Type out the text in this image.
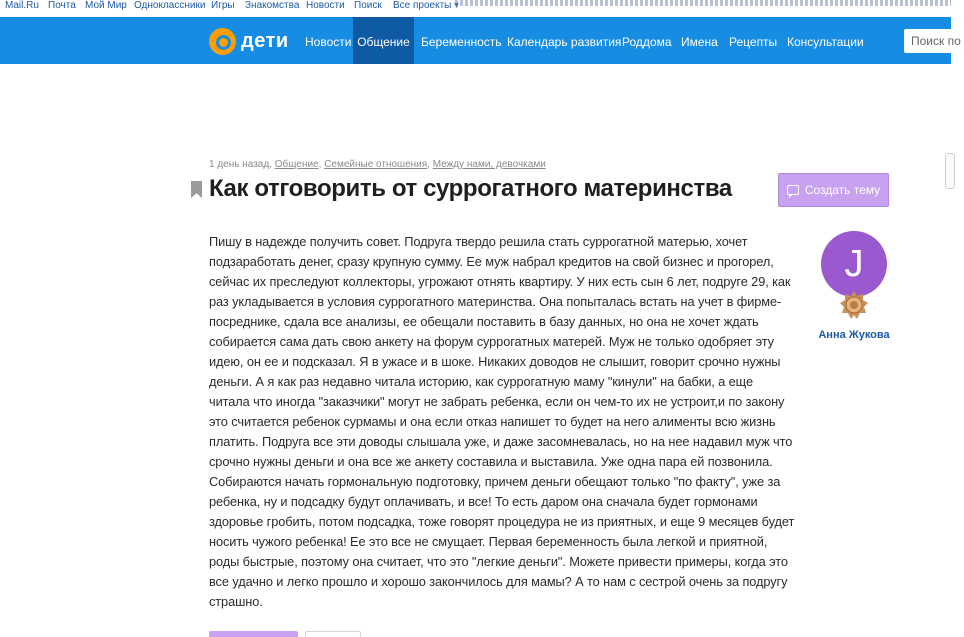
Mail.Ru Почта Мой Мир Одноклассники Игры Знакомства Новости Поиск Все проекты
дети	Новости Общение Беременность Календарь развития Роддома Имена Рецепты Консультации	Поиск по
1 день назад, Общение, Семейные отношения, Между нами, девочками
Как отговорить от суррогатного материнства	Создать тему
Пишу в надежде получить совет. Подруга твердо решила стать суррогатной матерью, хочет подзаработать денег, сразу крупную сумму. Ее муж набрал кредитов на свой бизнес и прогорел, сейчас их преследуют коллекторы, угрожают отнять квартиру. У них есть сын 6 лет, подруге 29, как раз укладывается в условия суррогатного материнства. Она попыталась встать на учет в фирме-посреднике, сдала все анализы, ее обещали поставить в базу данных, но она не хочет ждать собирается сама дать свою анкету на форум суррогатных матерей. Муж не только одобряет эту идею, он ее и подсказал. Я в ужасе и в шоке. Никаких доводов не слышит, говорит срочно нужны деньги. А я как раз недавно читала историю, как суррогатную маму "кинули" на бабки, а еще читала что иногда "заказчики" могут не забрать ребенка, если он чем-то их не устроит,и по закону это считается ребенок сурмамы и она если отказ напишет то будет на него алименты всю жизнь платить. Подруга все эти доводы слышала уже, и даже засомневалась, но на нее надавил муж что срочно нужны деньги и она все же анкету составила и выставила. Уже одна пара ей позвонила. Собираются начать гормональную подготовку, причем деньги обещают только "по факту", уже за ребенка, ну и подсадку будут оплачивать, и все! То есть даром она сначала будет гормонами здоровье гробить, потом подсадка, тоже говорят процедура не из приятных, и еще 9 месяцев будет носить чужого ребенка! Ее это все не смущает. Первая беременность была легкой и приятной, роды быстрые, поэтому она считает, что это "легкие деньги". Можете привести примеры, когда это все удачно и легко прошло и хорошо закончилось для мамы? А то нам с сестрой очень за подругу страшно.
J
Анна Жукова
